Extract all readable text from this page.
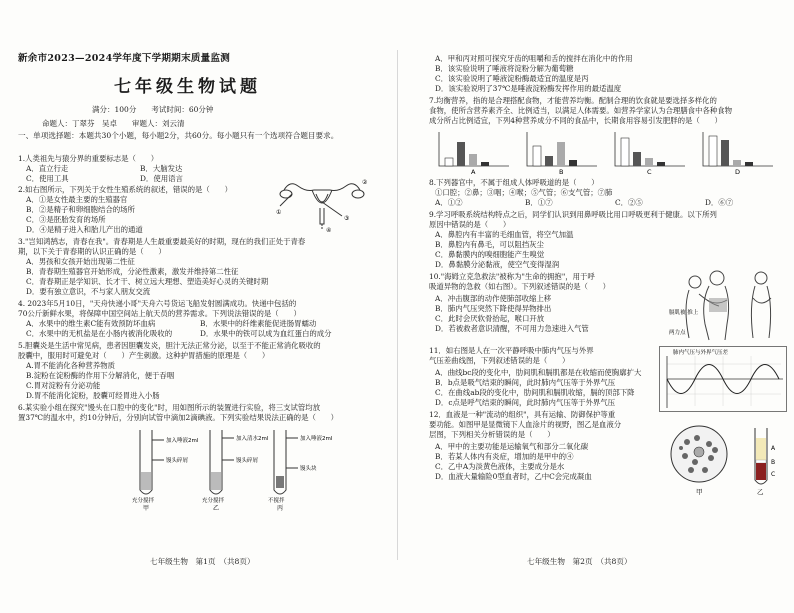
新余市2023—2024学年度下学期期末质量监测
七年级生物试题
满分：100分　　考试时间：60分钟
命题人：丁翠芬　吴卓　　审题人：刘云清
一、单项选择题：本题共30个小题，每小题2分，共60分。每小题只有一个选项符合题目要求。
1.人类祖先与猿分界的重要标志是（　　）
A．直立行走	B．大脑发达
C．使用工具	D．使用语言
2.如右图所示，下列关于女性生殖系统的叙述，错误的是（　　）
A．①是女性最主要的生殖器官
B．②是精子和卵细胞结合的场所
C．③是胚胎发育的场所
D．④是精子进入和胎儿产出的通道
①
②
③
④
3."岂知鸿鹄志，青春在我"。青春期是人生最重要最美好的时期，现在的我们正处于青春
期，以下关于青春期的认识正确的是（　　）
A．男孩和女孩开始出现第二性征
B．青春期生殖器官开始形成，分泌性激素，激发并维持第二性征
C．青春期正是学知识、长才干、树立远大理想、塑造美好心灵的关键时期
D．要有独立意识，不与家人朋友交流
4. 2023年5月10日，"天舟快递小哥"天舟六号货运飞船发射圆满成功。快递中包括的
70公斤新鲜水果，将保障中国空间站上航天员的营养需求。下列说法错误的是（　　）
A．水果中的维生素C能有效预防坏血病	B．水果中的纤维素能促进肠胃蠕动
C．水果中的无机盐是在小肠内被消化吸收的	D．水果中的铁可以成为血红蛋白的成分
5.胆囊炎是生活中常见病，患者因胆囊发炎，胆汁无法正常分泌，以至于不能正常消化吸收的
胶囊中，服用时可避免对（　　）产生刺激。这种护胃措施的原理是（　　）
A.胃不能消化各种营养物质
B.淀粉在淀粉酶的作用下分解消化，便于吞咽
C.胃对淀粉有分泌功能
D.胃不能消化淀粉，胶囊可经胃进入小肠
6.某实验小组在探究"馒头在口腔中的变化"时，用如图所示的装置进行实验，将三支试管均放
置37℃的温水中，约10分钟后，分别向试管中滴加2滴碘液。下列实验结果说法正确的是（　　）
加入唾液2ml
馒头碎屑
加入清水2ml
馒头碎屑
加入唾液2ml
馒头块
充分搅拌	充分搅拌	不搅拌
甲	乙	丙
七年级生物　第1页　（共8页）
A．甲和丙对照可探究牙齿的咀嚼和舌的搅拌在消化中的作用
B．该实验说明了唾液将淀粉分解为葡萄糖
C．该实验说明了唾液淀粉酶最适宜的温度是丙
D．该实验说明了37℃是唾液淀粉酶发挥作用的最适温度
7.均衡营养，指的是合理搭配食物，才能营养均衡。配制合理的饮食就是要选择多样化的
食物，使所含营养素齐全、比例适当，以满足人体需要。如营养学家认为合理膳食中各种食物
成分所占比例适宜，下列4种营养成分不同的食品中，长期食用容易引发肥胖的是（　　）
A	B	C	D
8.下列器官中，不属于组成人体呼吸道的是（　　）
①口腔；②鼻；③咽；④喉；⑤气管；⑥支气管；⑦肺
A．①②	B．①⑦	C．②⑤	D．⑥⑦
9.学习呼吸系统结构特点之后，同学们认识到用鼻呼吸比用口呼吸更利于健康。以下所列
原因中错误的是（　　）
A．鼻腔内有丰富的毛细血管，将空气加温
B．鼻腔内有鼻毛，可以阻挡灰尘
C．鼻黏膜内的嗅细胞能产生嗅觉
D．鼻黏膜分泌黏液，使空气变得湿润
10."海姆立克急救法"被称为"生命的拥抱"，用于呼
吸道异物的急救（如右图）。下列叙述错误的是（　　）
A．冲击腹部的动作使肺部收缩上移
B．肺内气压突然下降使得异物排出
C．此时会厌软骨抬起，喉口开放
D．若被救者意识清醒，不可用力急速进入气管
膈肌被 推上
两力点
11．如右图是人在一次平静呼吸中肺内气压与外界
气压差曲线图，下列叙述错误的是（　　）
A．曲线bc段的变化中，肋间肌和膈肌都是在收缩而使胸廓扩大
B．b点是吸气结束的瞬间，此时肺内气压等于外界气压
C．在曲线ab段的变化中，肋间肌和膈肌收缩，膈的顶部下降
D．c点是呼气结束的瞬间，此时肺内气压等于外界气压
肺内气压与外界气压差
12．血液是一种"流动的组织"，具有运输、防御保护等重
要功能。如图甲是显微镜下人血涂片的视野，图乙是血液分
层图，下列相关分析错误的是（　　）
A．甲中的主要功能是运输氧气和部分二氧化碳
B．若某人体内有炎症，增加的是甲中的④
C．乙中A为淡黄色液体，主要成分是水
D．血液大量输险0型血者时，乙中C会完成凝血
A
B
C
甲	乙
七年级生物　第2页　（共8页）
